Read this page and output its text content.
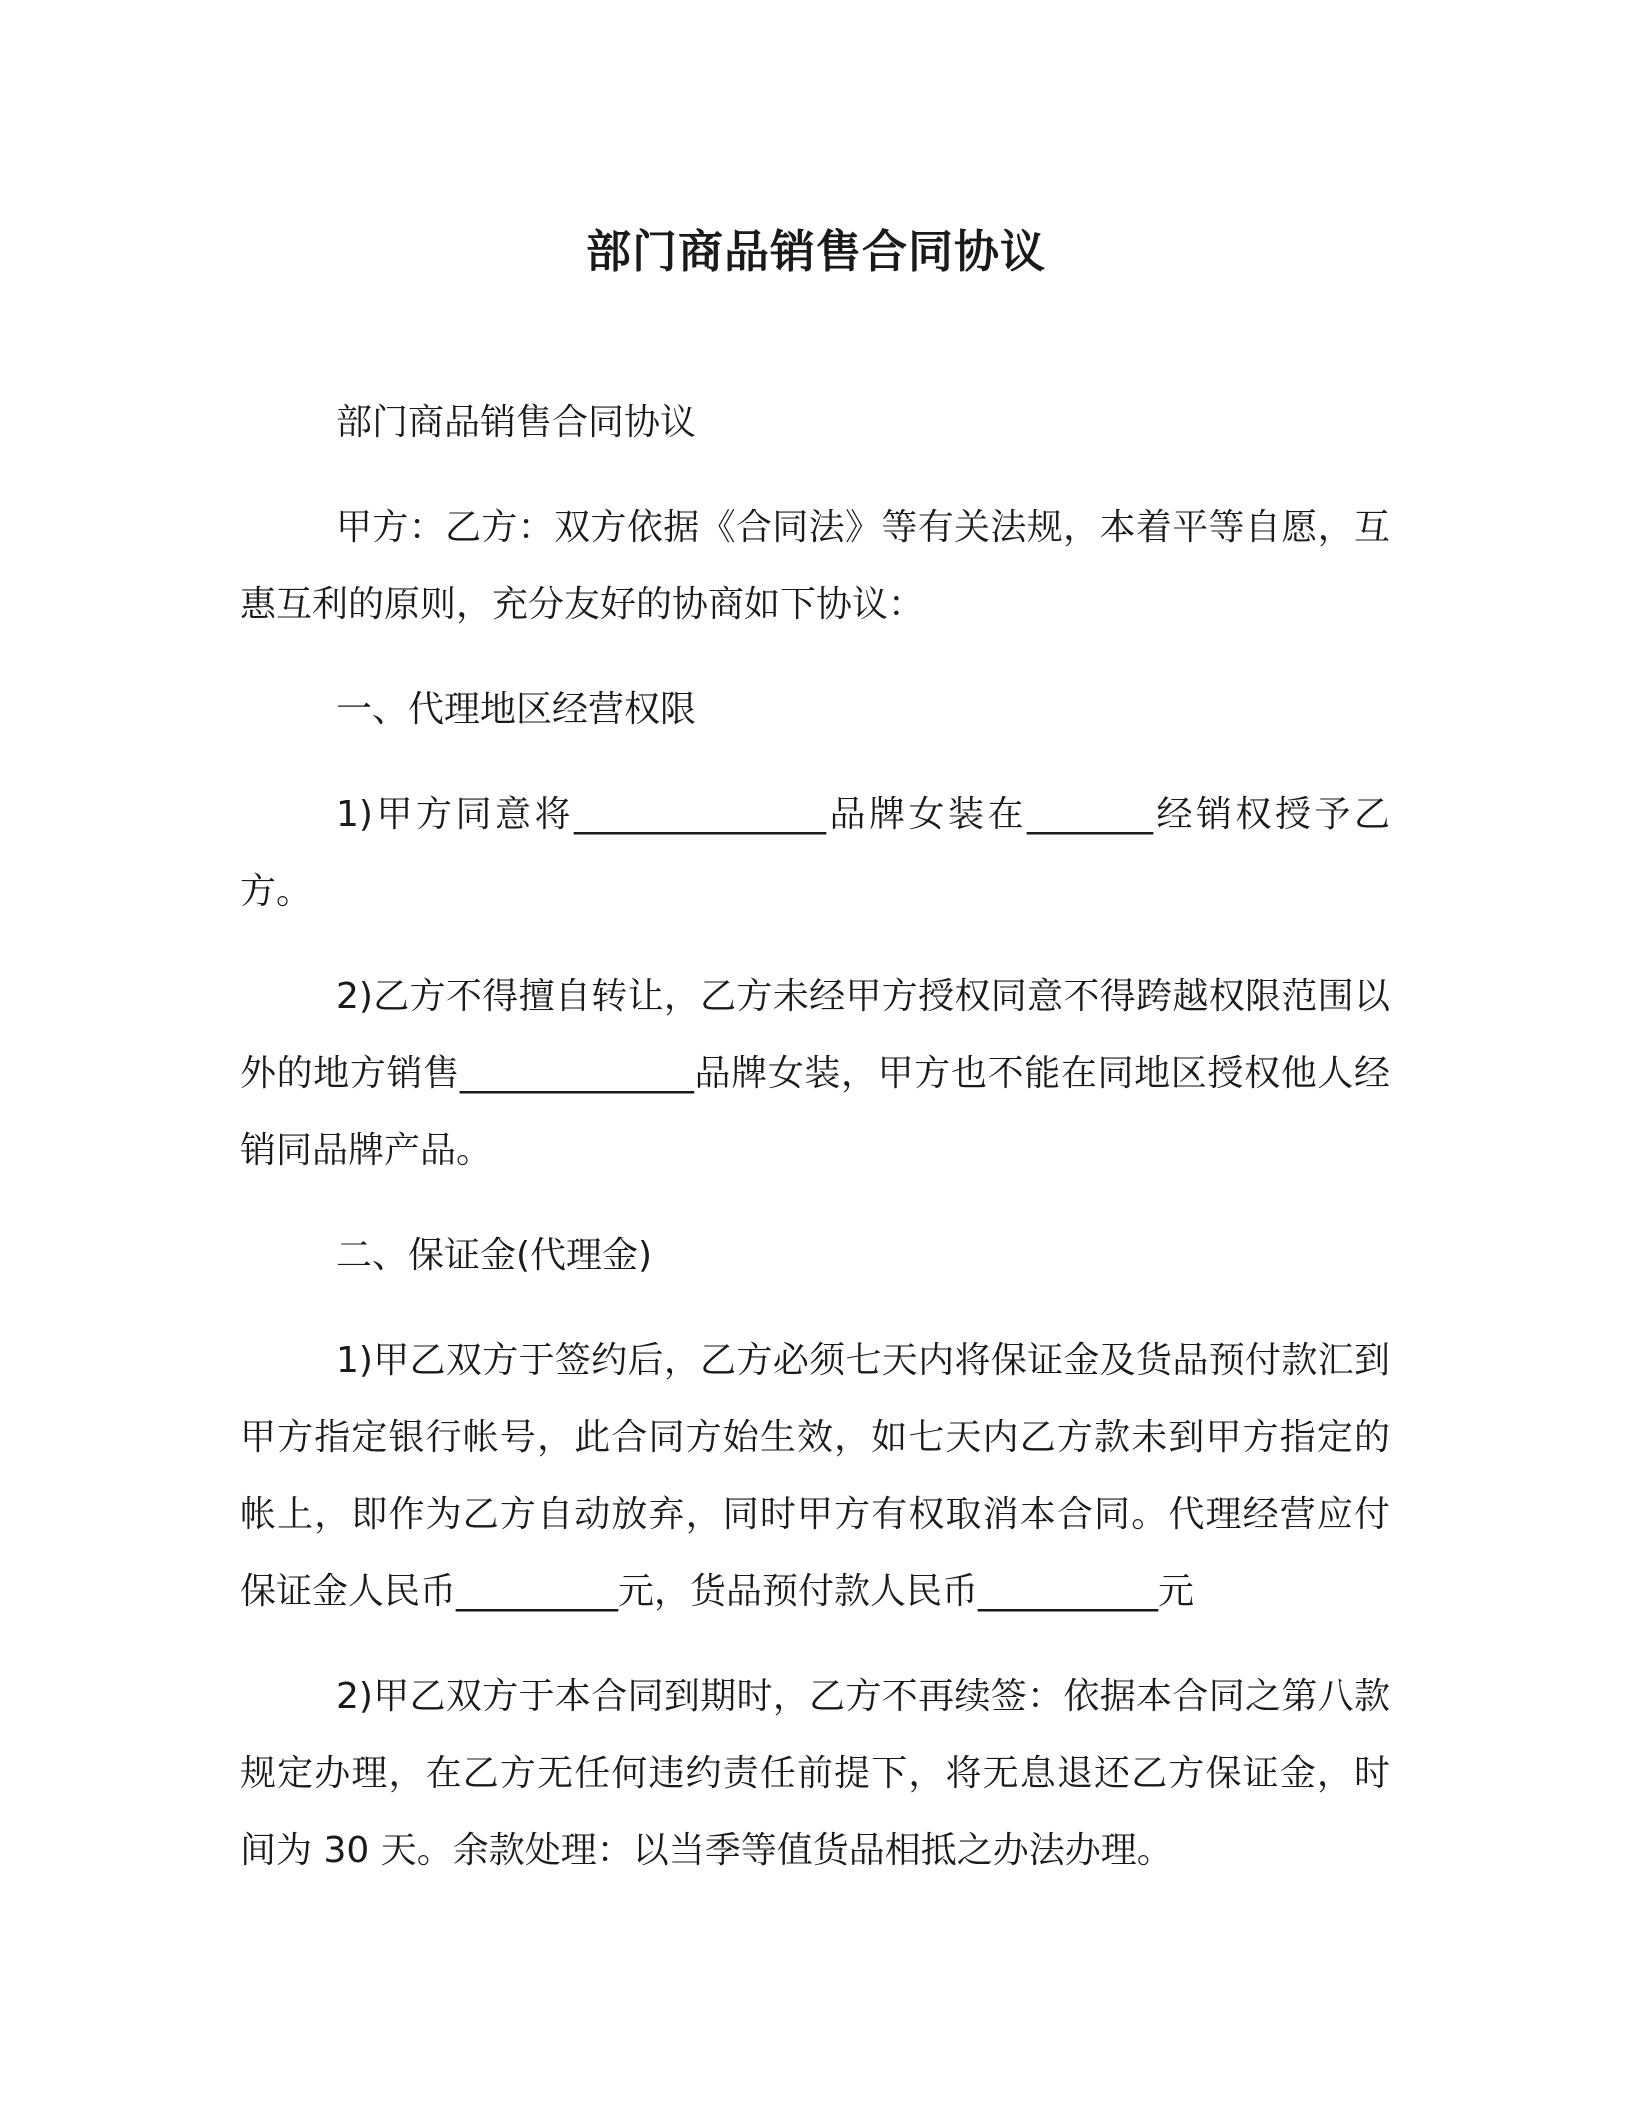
部门商品销售合同协议

部门商品销售合同协议

甲方：乙方：双方依据《合同法》等有关法规，本着平等自愿，互惠互利的原则，充分友好的协商如下协议：

一、代理地区经营权限

1)甲方同意将______________品牌女装在_______经销权授予乙方。

2)乙方不得擅自转让，乙方未经甲方授权同意不得跨越权限范围以外的地方销售_____________品牌女装，甲方也不能在同地区授权他人经销同品牌产品。

二、保证金(代理金)

1)甲乙双方于签约后，乙方必须七天内将保证金及货品预付款汇到甲方指定银行帐号，此合同方始生效，如七天内乙方款未到甲方指定的帐上，即作为乙方自动放弃，同时甲方有权取消本合同。代理经营应付保证金人民币_________元，货品预付款人民币__________元

2)甲乙双方于本合同到期时，乙方不再续签：依据本合同之第八款规定办理，在乙方无任何违约责任前提下，将无息退还乙方保证金，时间为 30 天。余款处理：以当季等值货品相抵之办法办理。
